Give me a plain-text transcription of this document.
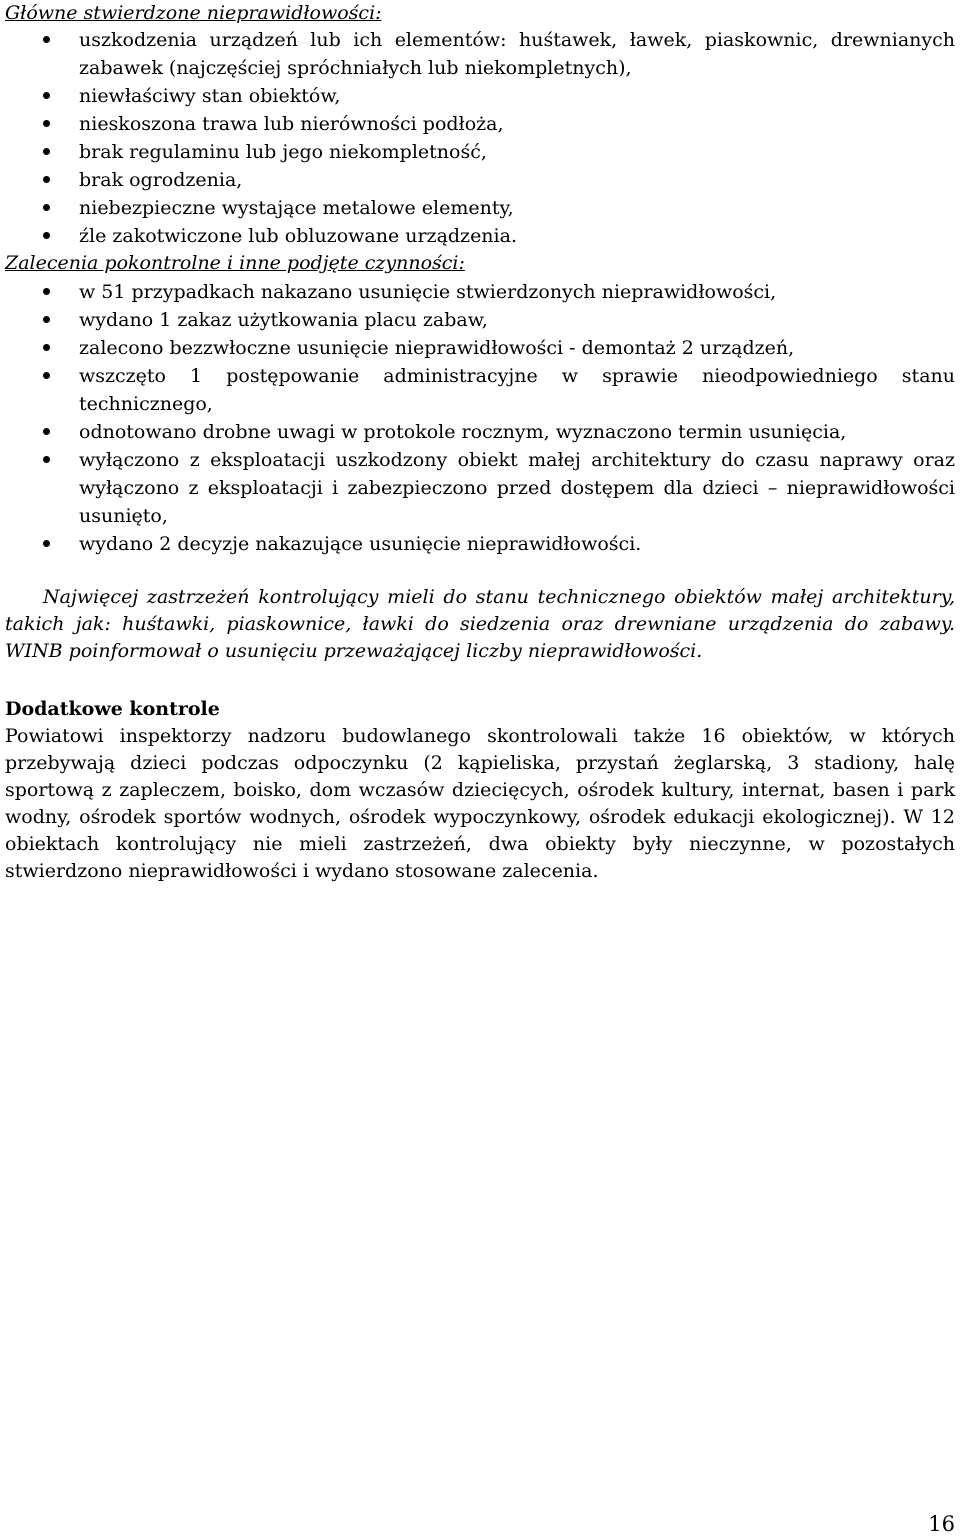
Główne stwierdzone nieprawidłowości:

uszkodzenia urządzeń lub ich elementów: huśtawek, ławek, piaskownic, drewnianych zabawek (najczęściej spróchniałych lub niekompletnych),
niewłaściwy stan obiektów,
nieskoszona trawa lub nierówności podłoża,
brak regulaminu lub jego niekompletność,
brak ogrodzenia,
niebezpieczne wystające metalowe elementy,
źle zakotwiczone lub obluzowane urządzenia.

Zalecenia pokontrolne i inne podjęte czynności:

w 51 przypadkach nakazano usunięcie stwierdzonych nieprawidłowości,
wydano 1 zakaz użytkowania placu zabaw,
zalecono bezzwłoczne usunięcie nieprawidłowości - demontaż 2 urządzeń,
wszczęto 1 postępowanie administracyjne w sprawie nieodpowiedniego stanu technicznego,
odnotowano drobne uwagi w protokole rocznym, wyznaczono termin usunięcia,
wyłączono z eksploatacji uszkodzony obiekt małej architektury do czasu naprawy oraz wyłączono z eksploatacji i zabezpieczono przed dostępem dla dzieci – nieprawidłowości usunięto,
wydano 2 decyzje nakazujące usunięcie nieprawidłowości.

Najwięcej zastrzeżeń kontrolujący mieli do stanu technicznego obiektów małej architektury, takich jak: huśtawki, piaskownice, ławki do siedzenia oraz drewniane urządzenia do zabawy. WINB poinformował o usunięciu przeważającej liczby nieprawidłowości.

Dodatkowe kontrole

Powiatowi inspektorzy nadzoru budowlanego skontrolowali także 16 obiektów, w których przebywają dzieci podczas odpoczynku (2 kąpieliska, przystań żeglarską, 3 stadiony, halę sportową z zapleczem, boisko, dom wczasów dziecięcych, ośrodek kultury, internat, basen i park wodny, ośrodek sportów wodnych, ośrodek wypoczynkowy, ośrodek edukacji ekologicznej). W 12 obiektach kontrolujący nie mieli zastrzeżeń, dwa obiekty były nieczynne, w pozostałych stwierdzono nieprawidłowości i wydano stosowane zalecenia.

16
